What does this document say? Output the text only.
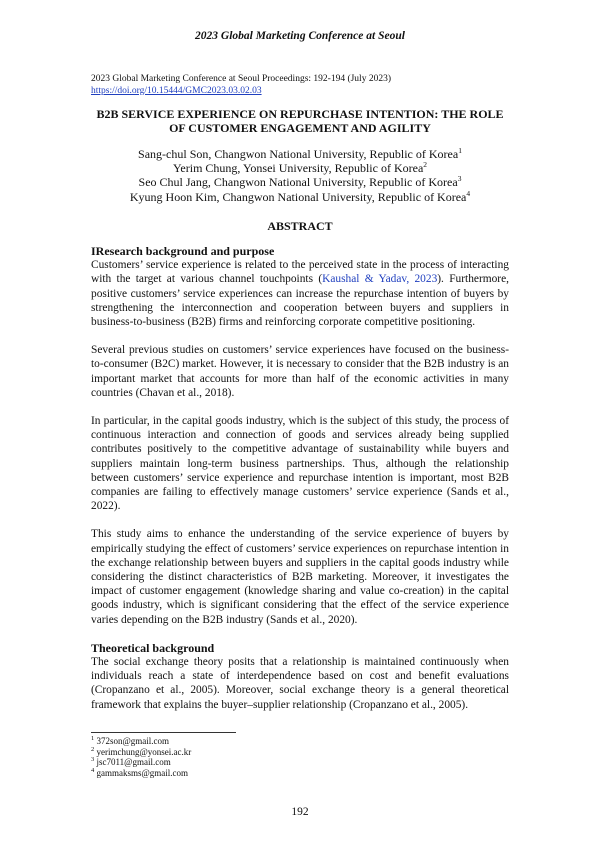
2023 Global Marketing Conference at Seoul
2023 Global Marketing Conference at Seoul Proceedings: 192-194 (July 2023)
https://doi.org/10.15444/GMC2023.03.02.03
B2B SERVICE EXPERIENCE ON REPURCHASE INTENTION: THE ROLE
OF CUSTOMER ENGAGEMENT AND AGILITY
Sang-chul Son, Changwon National University, Republic of Korea$^1$
Yerim Chung, Yonsei University, Republic of Korea$^2$
Seo Chul Jang, Changwon National University, Republic of Korea$^3$
Kyung Hoon Kim, Changwon National University, Republic of Korea$^4$
ABSTRACT
IResearch background and purpose

Customers’ service experience is related to the perceived state in the process of interacting with the target at various channel touchpoints (Kaushal & Yadav, 2023). Furthermore, positive customers’ service experiences can increase the repurchase intention of buyers by strengthening the interconnection and cooperation between buyers and suppliers in business-to-business (B2B) firms and reinforcing corporate competitive positioning.

Several previous studies on customers’ service experiences have focused on the business-to-consumer (B2C) market. However, it is necessary to consider that the B2B industry is an important market that accounts for more than half of the economic activities in many countries (Chavan et al., 2018).

In particular, in the capital goods industry, which is the subject of this study, the process of continuous interaction and connection of goods and services already being supplied contributes positively to the competitive advantage of sustainability while buyers and suppliers maintain long-term business partnerships. Thus, although the relationship between customers’ service experience and repurchase intention is important, most B2B companies are failing to effectively manage customers’ service experience (Sands et al., 2022).

This study aims to enhance the understanding of the service experience of buyers by empirically studying the effect of customers’ service experiences on repurchase intention in the exchange relationship between buyers and suppliers in the capital goods industry while considering the distinct characteristics of B2B marketing. Moreover, it investigates the impact of customer engagement (knowledge sharing and value co-creation) in the capital goods industry, which is significant considering that the effect of the service experience varies depending on the B2B industry (Sands et al., 2020).

Theoretical background

The social exchange theory posits that a relationship is maintained continuously when individuals reach a state of interdependence based on cost and benefit evaluations (Cropanzano et al., 2005). Moreover, social exchange theory is a general theoretical framework that explains the buyer–supplier relationship (Cropanzano et al., 2005).

$^1$ 372son@gmail.com
$^2$ yerimchung@yonsei.ac.kr
$^3$ jsc7011@gmail.com
$^4$ gammaksms@gmail.com
192
